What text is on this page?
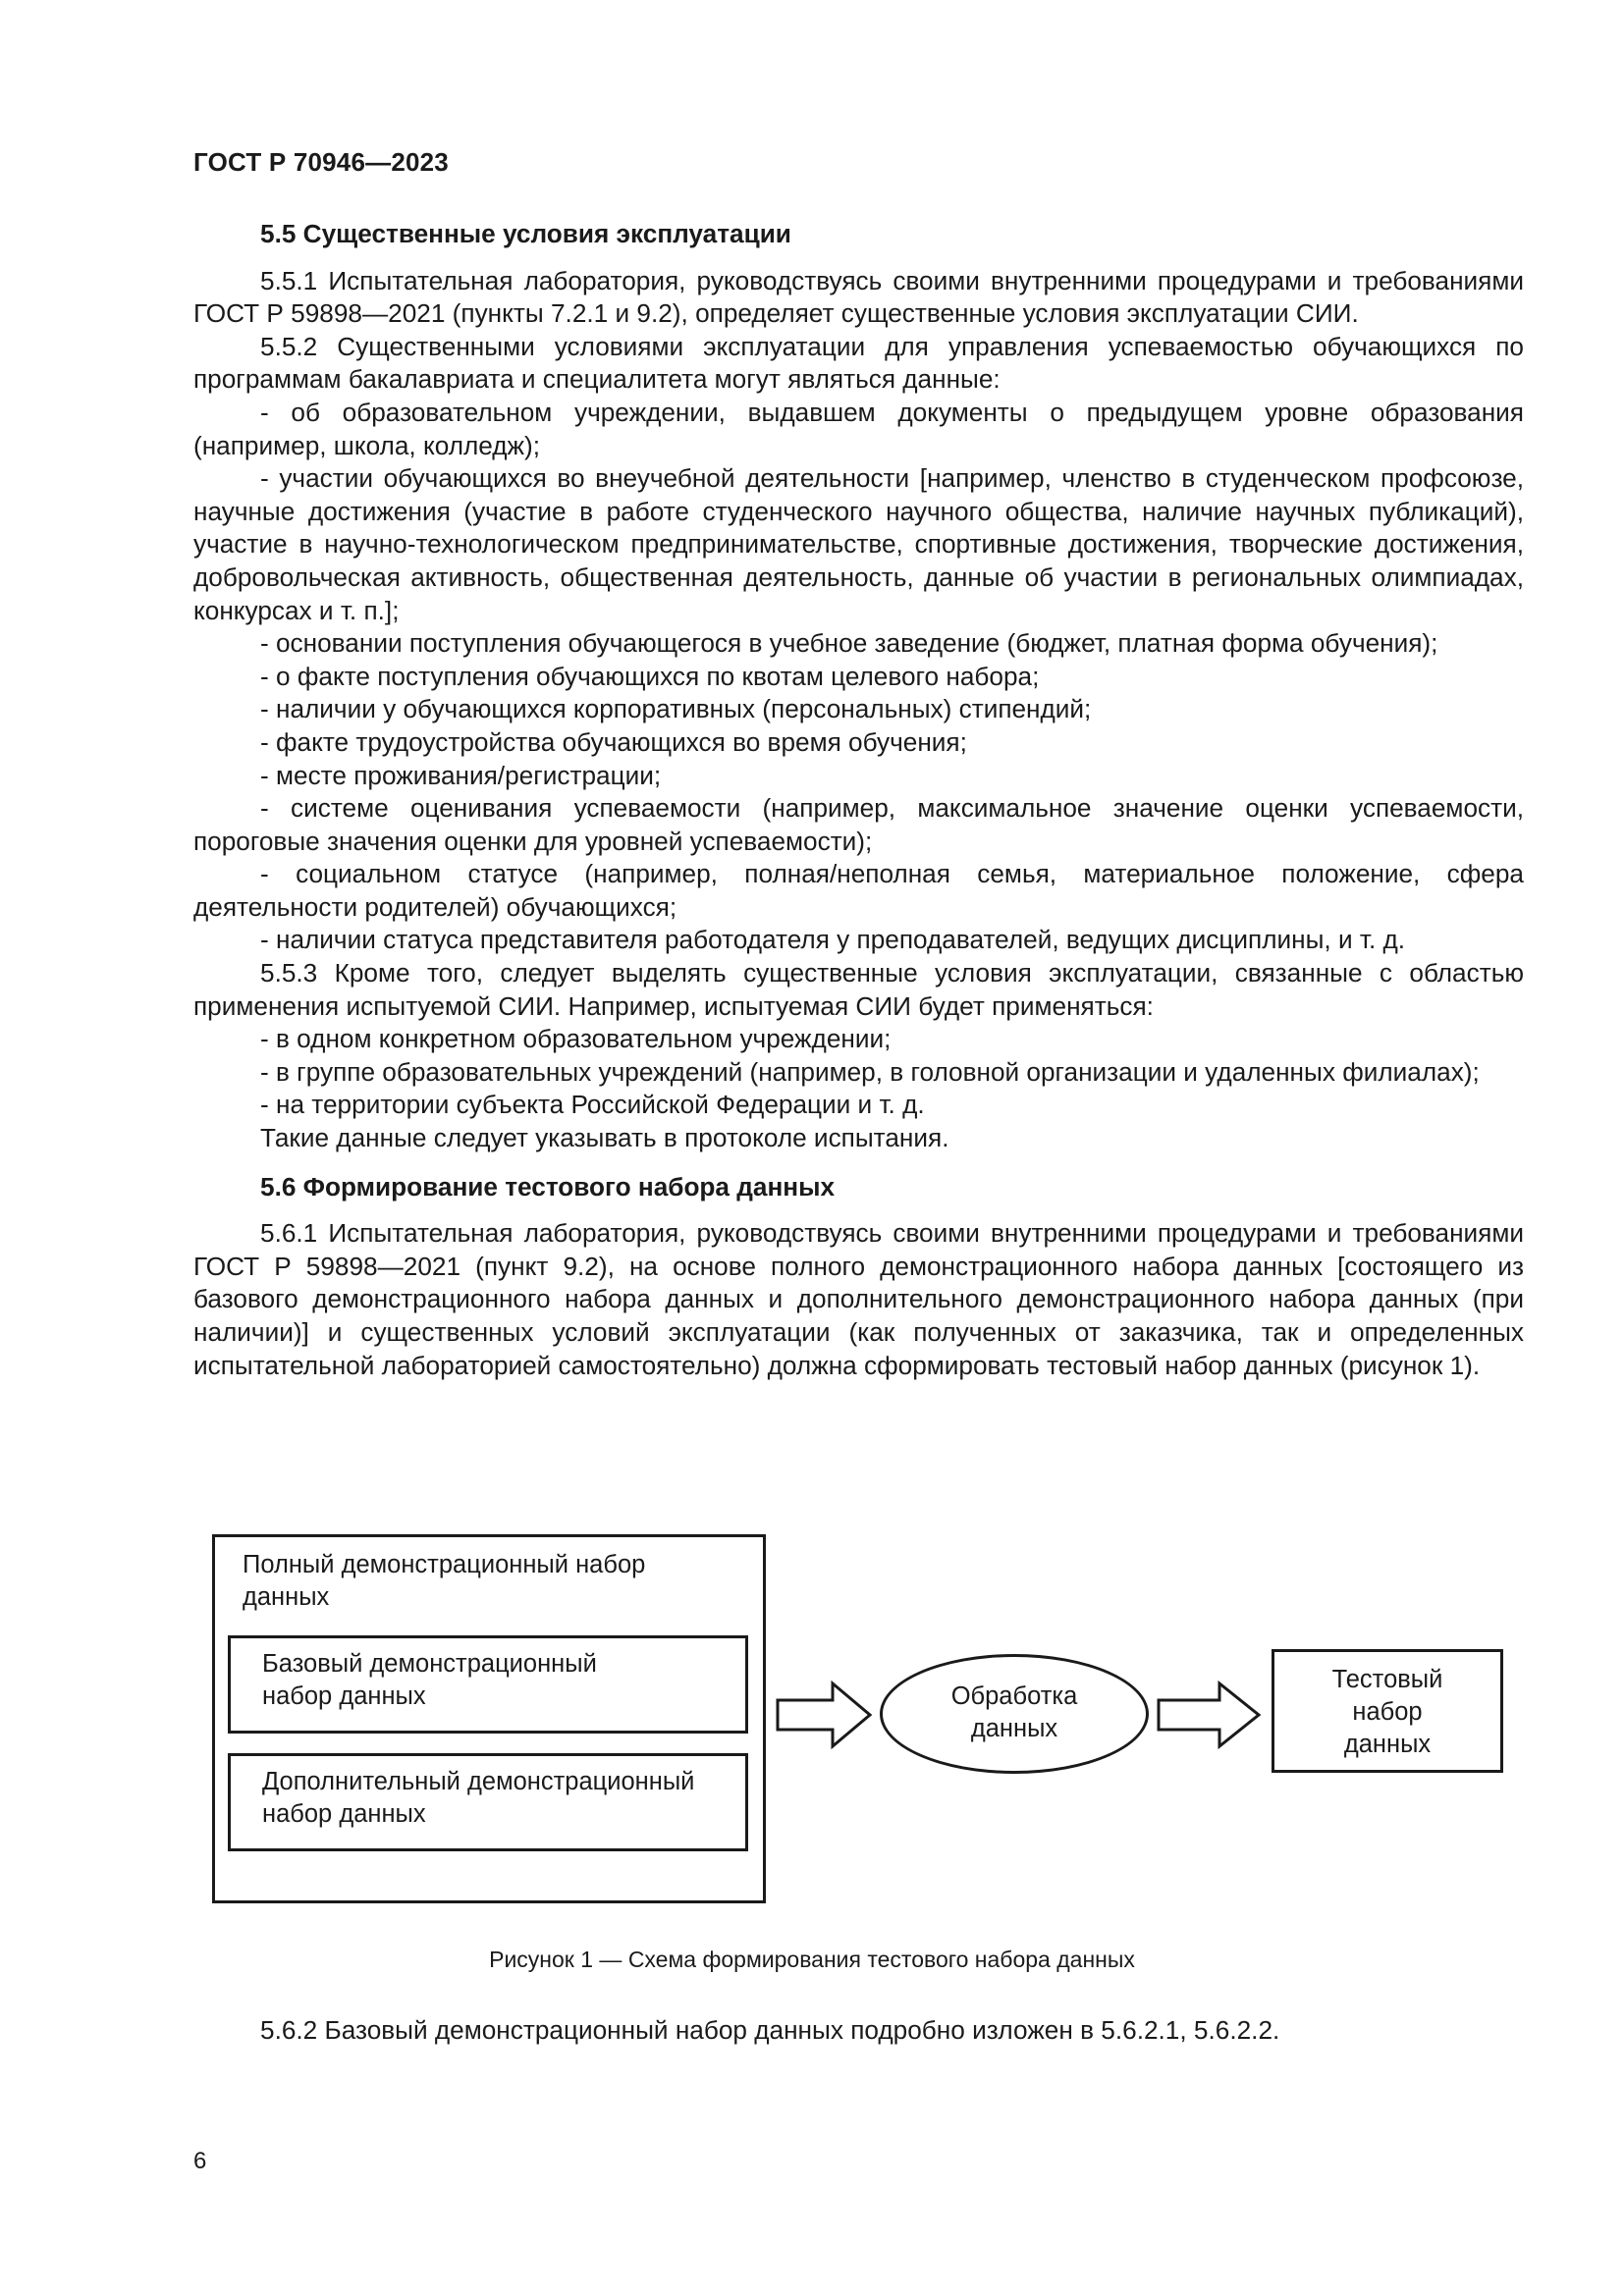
ГОСТ Р 70946—2023

5.5 Существенные условия эксплуатации

5.5.1 Испытательная лаборатория, руководствуясь своими внутренними процедурами и требованиями ГОСТ Р 59898—2021 (пункты 7.2.1 и 9.2), определяет существенные условия эксплуатации СИИ.

5.5.2 Существенными условиями эксплуатации для управления успеваемостью обучающихся по программам бакалавриата и специалитета могут являться данные:

- об образовательном учреждении, выдавшем документы о предыдущем уровне образования (например, школа, колледж);

- участии обучающихся во внеучебной деятельности [например, членство в студенческом профсоюзе, научные достижения (участие в работе студенческого научного общества, наличие научных публикаций), участие в научно-технологическом предпринимательстве, спортивные достижения, творческие достижения, добровольческая активность, общественная деятельность, данные об участии в региональных олимпиадах, конкурсах и т. п.];

- основании поступления обучающегося в учебное заведение (бюджет, платная форма обучения);

- о факте поступления обучающихся по квотам целевого набора;

- наличии у обучающихся корпоративных (персональных) стипендий;

- факте трудоустройства обучающихся во время обучения;

- месте проживания/регистрации;

- системе оценивания успеваемости (например, максимальное значение оценки успеваемости, пороговые значения оценки для уровней успеваемости);

- социальном статусе (например, полная/неполная семья, материальное положение, сфера деятельности родителей) обучающихся;

- наличии статуса представителя работодателя у преподавателей, ведущих дисциплины, и т. д.

5.5.3 Кроме того, следует выделять существенные условия эксплуатации, связанные с областью применения испытуемой СИИ. Например, испытуемая СИИ будет применяться:

- в одном конкретном образовательном учреждении;

- в группе образовательных учреждений (например, в головной организации и удаленных филиалах);

- на территории субъекта Российской Федерации и т. д.

Такие данные следует указывать в протоколе испытания.

5.6 Формирование тестового набора данных

5.6.1 Испытательная лаборатория, руководствуясь своими внутренними процедурами и требованиями ГОСТ Р 59898—2021 (пункт 9.2), на основе полного демонстрационного набора данных [состоящего из базового демонстрационного набора данных и дополнительного демонстрационного набора данных (при наличии)] и существенных условий эксплуатации (как полученных от заказчика, так и определенных испытательной лабораторией самостоятельно) должна сформировать тестовый набор данных (рисунок 1).

Полный демонстрационный набор данных
Базовый демонстрационный набор данных
Дополнительный демонстрационный набор данных
Обработка данных
Тестовый набор данных
Рисунок 1 — Схема формирования тестового набора данных
5.6.2 Базовый демонстрационный набор данных подробно изложен в 5.6.2.1, 5.6.2.2.
6
